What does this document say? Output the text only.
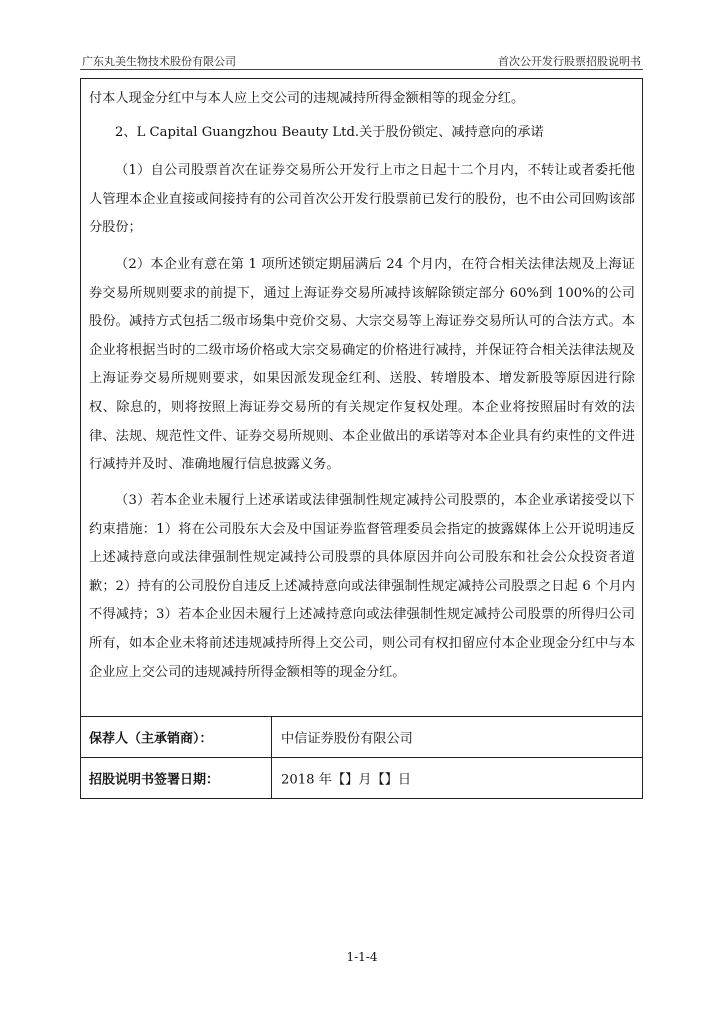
广东丸美生物技术股份有限公司	首次公开发行股票招股说明书

付本人现金分红中与本人应上交公司的违规减持所得金额相等的现金分红。

2、L Capital Guangzhou Beauty Ltd.关于股份锁定、减持意向的承诺

（1）自公司股票首次在证券交易所公开发行上市之日起十二个月内，不转让或者委托他人管理本企业直接或间接持有的公司首次公开发行股票前已发行的股份，也不由公司回购该部分股份；

（2）本企业有意在第 1 项所述锁定期届满后 24 个月内，在符合相关法律法规及上海证券交易所规则要求的前提下，通过上海证券交易所减持该解除锁定部分 60%到 100%的公司股份。减持方式包括二级市场集中竞价交易、大宗交易等上海证券交易所认可的合法方式。本企业将根据当时的二级市场价格或大宗交易确定的价格进行减持，并保证符合相关法律法规及上海证券交易所规则要求，如果因派发现金红利、送股、转增股本、增发新股等原因进行除权、除息的，则将按照上海证券交易所的有关规定作复权处理。本企业将按照届时有效的法律、法规、规范性文件、证券交易所规则、本企业做出的承诺等对本企业具有约束性的文件进行减持并及时、准确地履行信息披露义务。

（3）若本企业未履行上述承诺或法律强制性规定减持公司股票的，本企业承诺接受以下约束措施：1）将在公司股东大会及中国证券监督管理委员会指定的披露媒体上公开说明违反上述减持意向或法律强制性规定减持公司股票的具体原因并向公司股东和社会公众投资者道歉；2）持有的公司股份自违反上述减持意向或法律强制性规定减持公司股票之日起 6 个月内不得减持；3）若本企业因未履行上述减持意向或法律强制性规定减持公司股票的所得归公司所有，如本企业未将前述违规减持所得上交公司，则公司有权扣留应付本企业现金分红中与本企业应上交公司的违规减持所得金额相等的现金分红。

保荐人（主承销商）：	中信证券股份有限公司
招股说明书签署日期：	2018 年【】月【】日
1-1-4
